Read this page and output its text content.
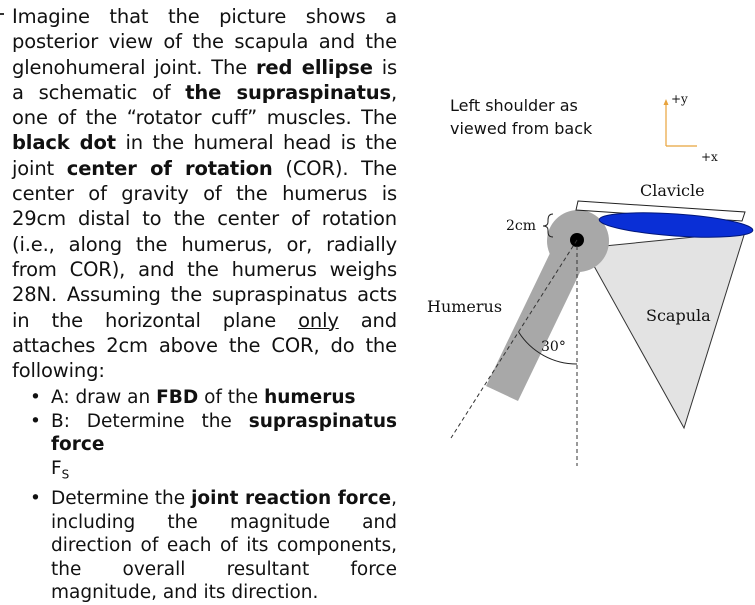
Imagine that the picture shows a posterior view of the scapula and the glenohumeral joint. The red ellipse is a schematic of the supraspinatus, one of the “rotator cuff” muscles. The black dot in the humeral head is the joint center of rotation (COR). The center of gravity of the humerus is 29cm distal to the center of rotation (i.e., along the humerus, or, radially from COR), and the humerus weighs 28N. Assuming the supraspinatus acts in the horizontal plane only and attaches 2cm above the COR, do the following:

• A: draw an FBD of the humerus
• B: Determine the supraspinatus force
$F_S$
• Determine the joint reaction force, including the magnitude and direction of each of its components, the overall resultant force magnitude, and its direction.
Left shoulder as
viewed from back
+y
+x
Scapula
Clavicle
30°
2cm
Humerus
